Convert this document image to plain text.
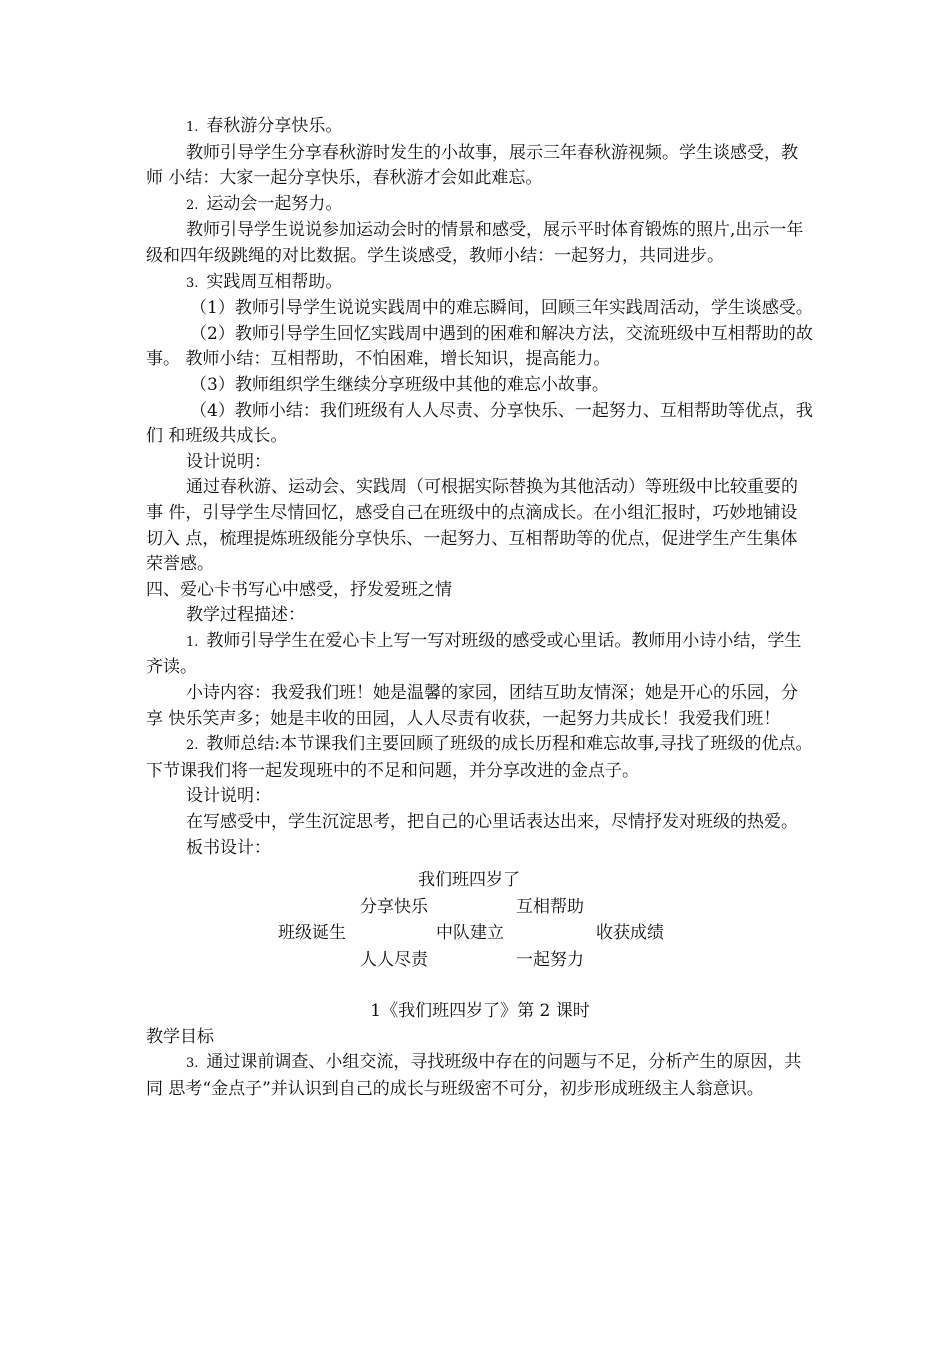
1. 春秋游分享快乐。

教师引导学生分享春秋游时发生的小故事，展示三年春秋游视频。学生谈感受，教师 小结：大家一起分享快乐，春秋游才会如此难忘。

2. 运动会一起努力。

教师引导学生说说参加运动会时的情景和感受，展示平时体育锻炼的照片,出示一年 级和四年级跳绳的对比数据。学生谈感受，教师小结：一起努力，共同进步。

3. 实践周互相帮助。

（1）教师引导学生说说实践周中的难忘瞬间，回顾三年实践周活动，学生谈感受。

（2）教师引导学生回忆实践周中遇到的困难和解决方法，交流班级中互相帮助的故事。 教师小结：互相帮助，不怕困难，增长知识，提高能力。

（3）教师组织学生继续分享班级中其他的难忘小故事。

（4）教师小结：我们班级有人人尽责、分享快乐、一起努力、互相帮助等优点，我们 和班级共成长。

设计说明：

通过春秋游、运动会、实践周（可根据实际替换为其他活动）等班级中比较重要的事 件，引导学生尽情回忆，感受自己在班级中的点滴成长。在小组汇报时，巧妙地铺设切入 点，梳理提炼班级能分享快乐、一起努力、互相帮助等的优点，促进学生产生集体荣誉感。

四、爱心卡书写心中感受，抒发爱班之情

教学过程描述：

1. 教师引导学生在爱心卡上写一写对班级的感受或心里话。教师用小诗小结，学生 齐读。

小诗内容：我爱我们班！她是温馨的家园，团结互助友情深；她是开心的乐园，分享 快乐笑声多；她是丰收的田园，人人尽责有收获，一起努力共成长！我爱我们班！

2. 教师总结:本节课我们主要回顾了班级的成长历程和难忘故事,寻找了班级的优点。 下节课我们将一起发现班中的不足和问题，并分享改进的金点子。

设计说明：

在写感受中，学生沉淀思考，把自己的心里话表达出来，尽情抒发对班级的热爱。

板书设计：

我们班四岁了
分享快乐	互相帮助
班级诞生	中队建立	收获成绩
人人尽责	一起努力

1《我们班四岁了》第 2 课时

教学目标

3. 通过课前调查、小组交流，寻找班级中存在的问题与不足，分析产生的原因，共同 思考“金点子”并认识到自己的成长与班级密不可分，初步形成班级主人翁意识。
